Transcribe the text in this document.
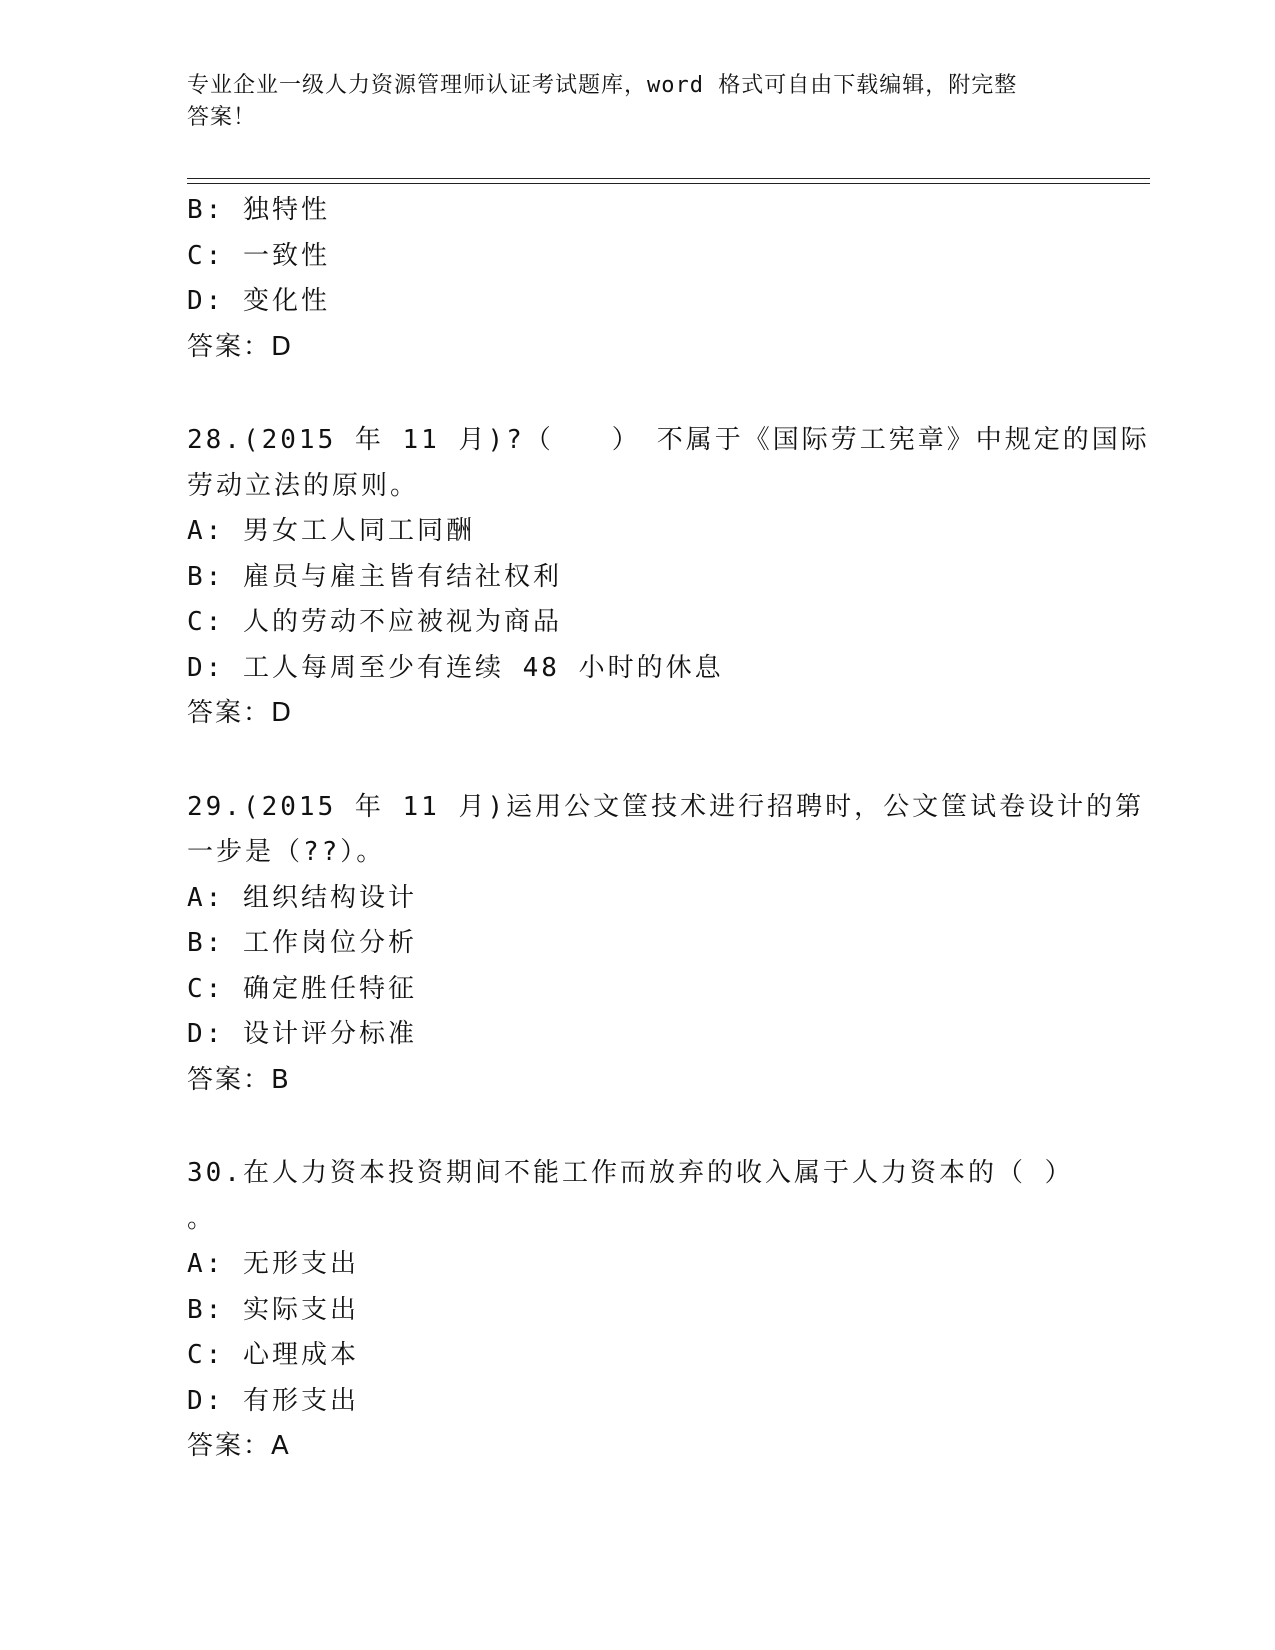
专业企业一级人力资源管理师认证考试题库，word 格式可自由下载编辑，附完整
答案！
B: 独特性
C: 一致性
D: 变化性
答案：D
28.(2015 年 11 月)?（　　）　不属于《国际劳工宪章》中规定的国际
劳动立法的原则。
A: 男女工人同工同酬
B: 雇员与雇主皆有结社权利
C: 人的劳动不应被视为商品
D: 工人每周至少有连续 48 小时的休息
答案：D
29.(2015 年 11 月)运用公文筐技术进行招聘时，公文筐试卷设计的第
一步是（??）。
A: 组织结构设计
B: 工作岗位分析
C: 确定胜任特征
D: 设计评分标准
答案：B
30.在人力资本投资期间不能工作而放弃的收入属于人力资本的（ ）
。
A: 无形支出
B: 实际支出
C: 心理成本
D: 有形支出
答案：A
